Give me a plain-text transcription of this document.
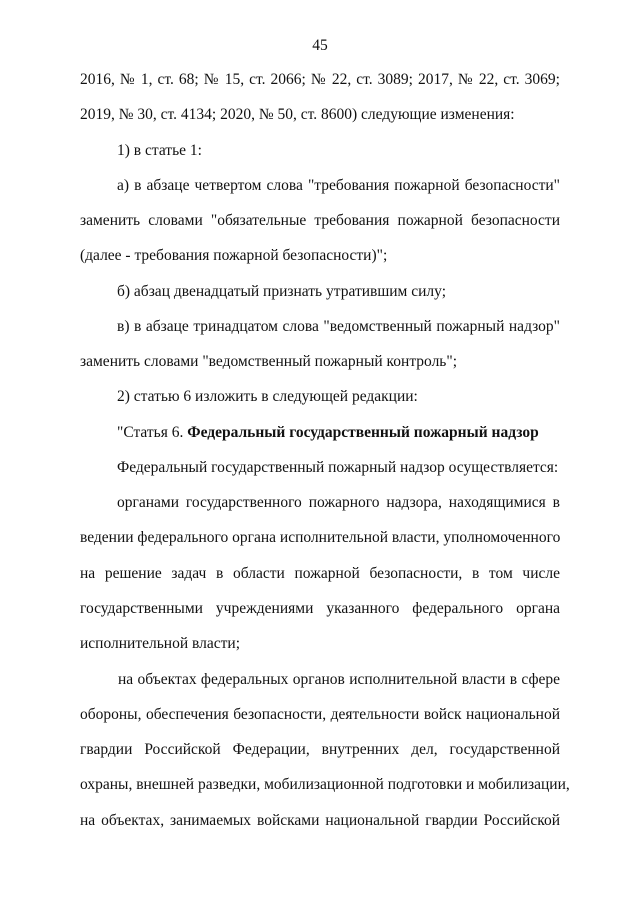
45
2016, № 1, ст. 68; № 15, ст. 2066; № 22, ст. 3089; 2017, № 22, ст. 3069;
2019, № 30, ст. 4134; 2020, № 50, ст. 8600) следующие изменения:
1) в статье 1:
а) в абзаце четвертом слова "требования пожарной безопасности"
заменить словами "обязательные требования пожарной безопасности
(далее - требования пожарной безопасности)";
б) абзац двенадцатый признать утратившим силу;
в) в абзаце тринадцатом слова "ведомственный пожарный надзор"
заменить словами "ведомственный пожарный контроль";
2) статью 6 изложить в следующей редакции:
"Статья 6. Федеральный государственный пожарный надзор
Федеральный государственный пожарный надзор осуществляется:
органами государственного пожарного надзора, находящимися в
ведении федерального органа исполнительной власти, уполномоченного
на решение задач в области пожарной безопасности, в том числе
государственными учреждениями указанного федерального органа
исполнительной власти;
на объектах федеральных органов исполнительной власти в сфере
обороны, обеспечения безопасности, деятельности войск национальной
гвардии Российской Федерации, внутренних дел, государственной
охраны, внешней разведки, мобилизационной подготовки и мобилизации,
на объектах, занимаемых войсками национальной гвардии Российской
